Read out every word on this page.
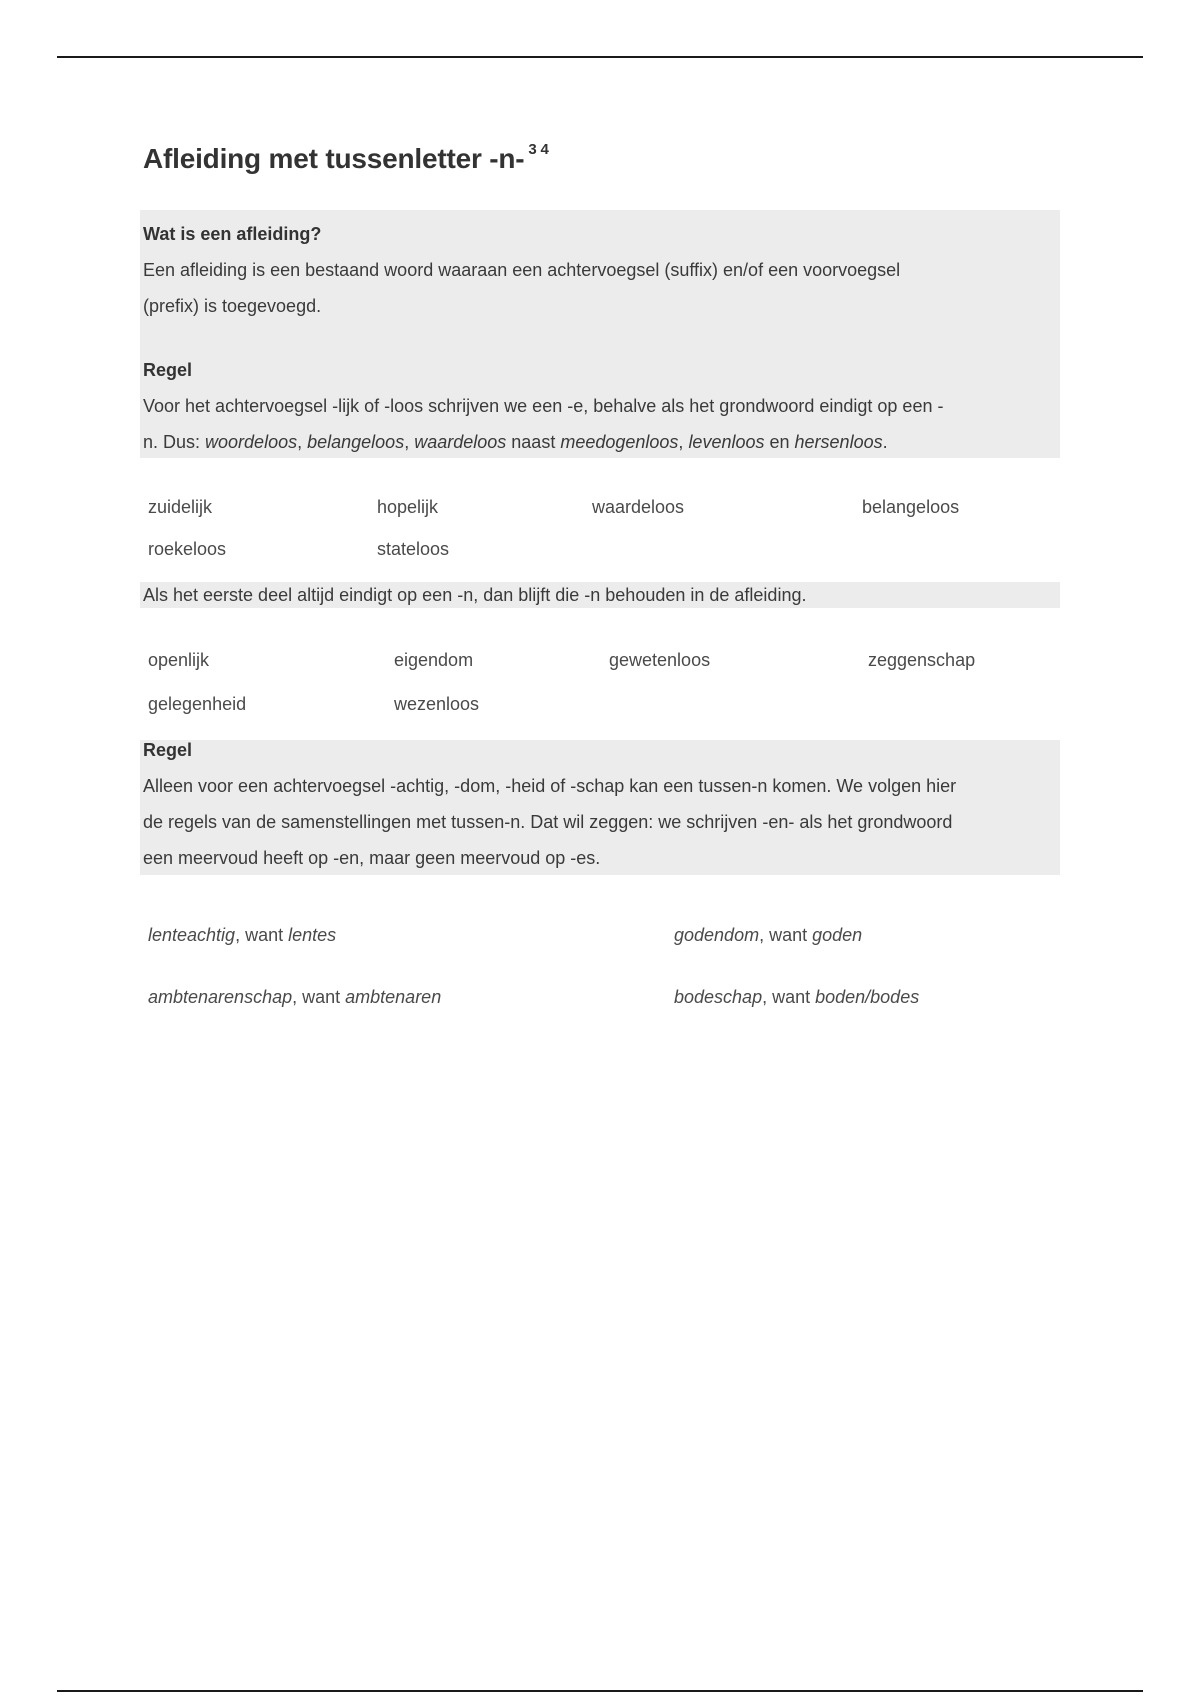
Afleiding met tussenletter -n- $^{3 4}$

Wat is een afleiding?

Een afleiding is een bestaand woord waaraan een achtervoegsel (suffix) en/of een voorvoegsel

(prefix) is toegevoegd.

Regel

Voor het achtervoegsel -lijk of -loos schrijven we een -e, behalve als het grondwoord eindigt op een -

n. Dus: woordeloos, belangeloos, waardeloos naast meedogenloos, levenloos en hersenloos.

zuidelijk	hopelijk	waardeloos	belangeloos
roekeloos	stateloos

Als het eerste deel altijd eindigt op een -n, dan blijft die -n behouden in de afleiding.

openlijk	eigendom	gewetenloos	zeggenschap
gelegenheid	wezenloos

Regel

Alleen voor een achtervoegsel -achtig, -dom, -heid of -schap kan een tussen-n komen. We volgen hier

de regels van de samenstellingen met tussen-n. Dat wil zeggen: we schrijven -en- als het grondwoord

een meervoud heeft op -en, maar geen meervoud op -es.

lenteachtig, want lentes	godendom, want goden
ambtenarenschap, want ambtenaren	bodeschap, want boden/bodes
